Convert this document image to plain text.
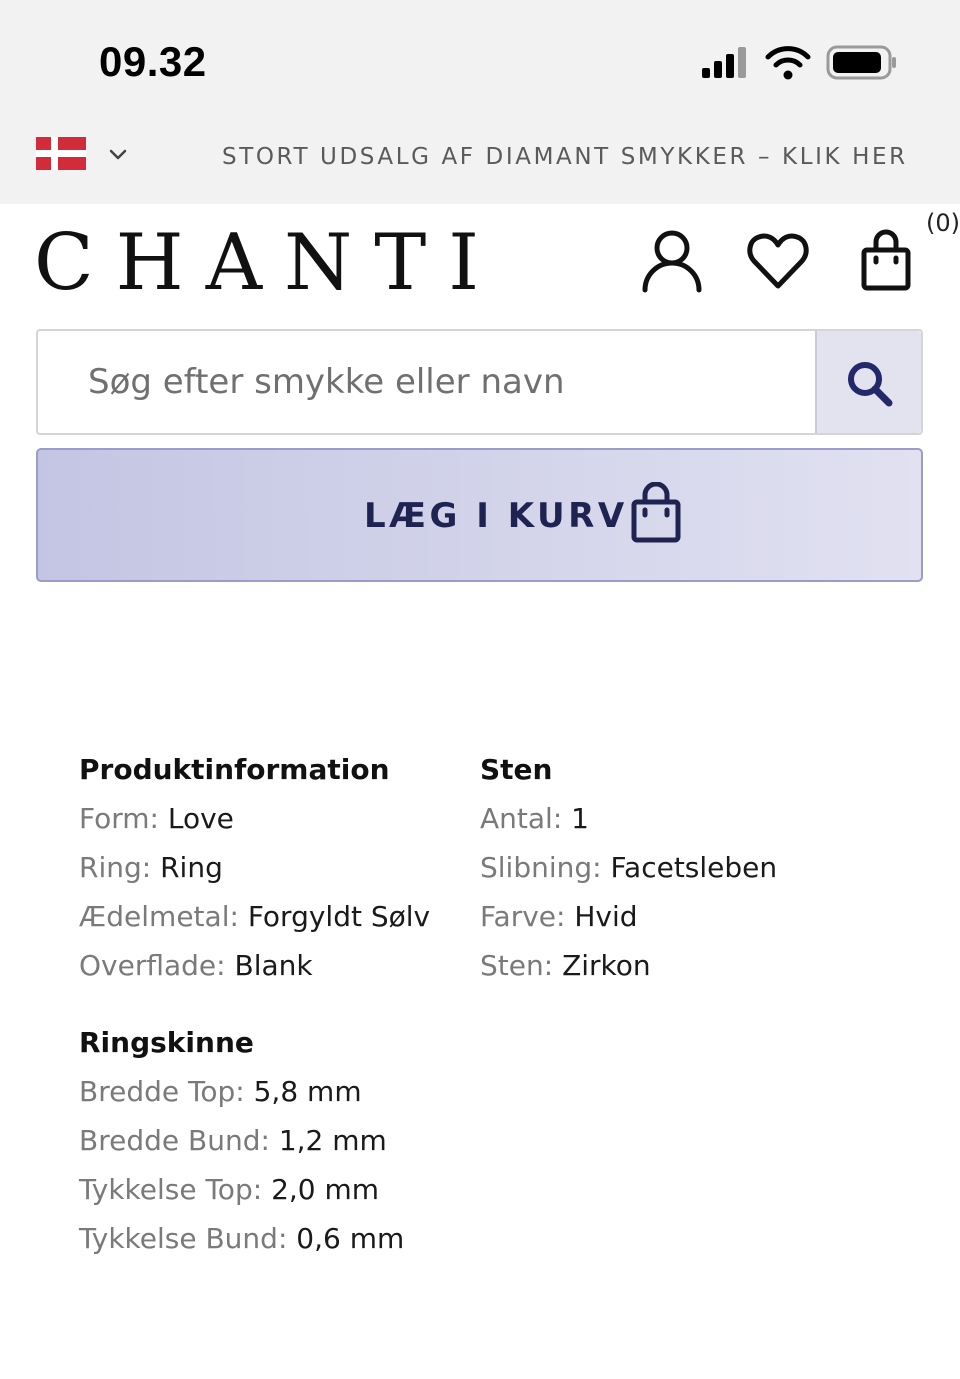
09.32
STORT UDSALG AF DIAMANT SMYKKER – KLIK HER
CHANTI	(0)
Søg efter smykke eller navn
LÆG I KURV
Produktinformation
Form: Love
Ring: Ring
Ædelmetal: Forgyldt Sølv
Overflade: Blank
Sten
Antal: 1
Slibning: Facetsleben
Farve: Hvid
Sten: Zirkon
Ringskinne
Bredde Top: 5,8 mm
Bredde Bund: 1,2 mm
Tykkelse Top: 2,0 mm
Tykkelse Bund: 0,6 mm
